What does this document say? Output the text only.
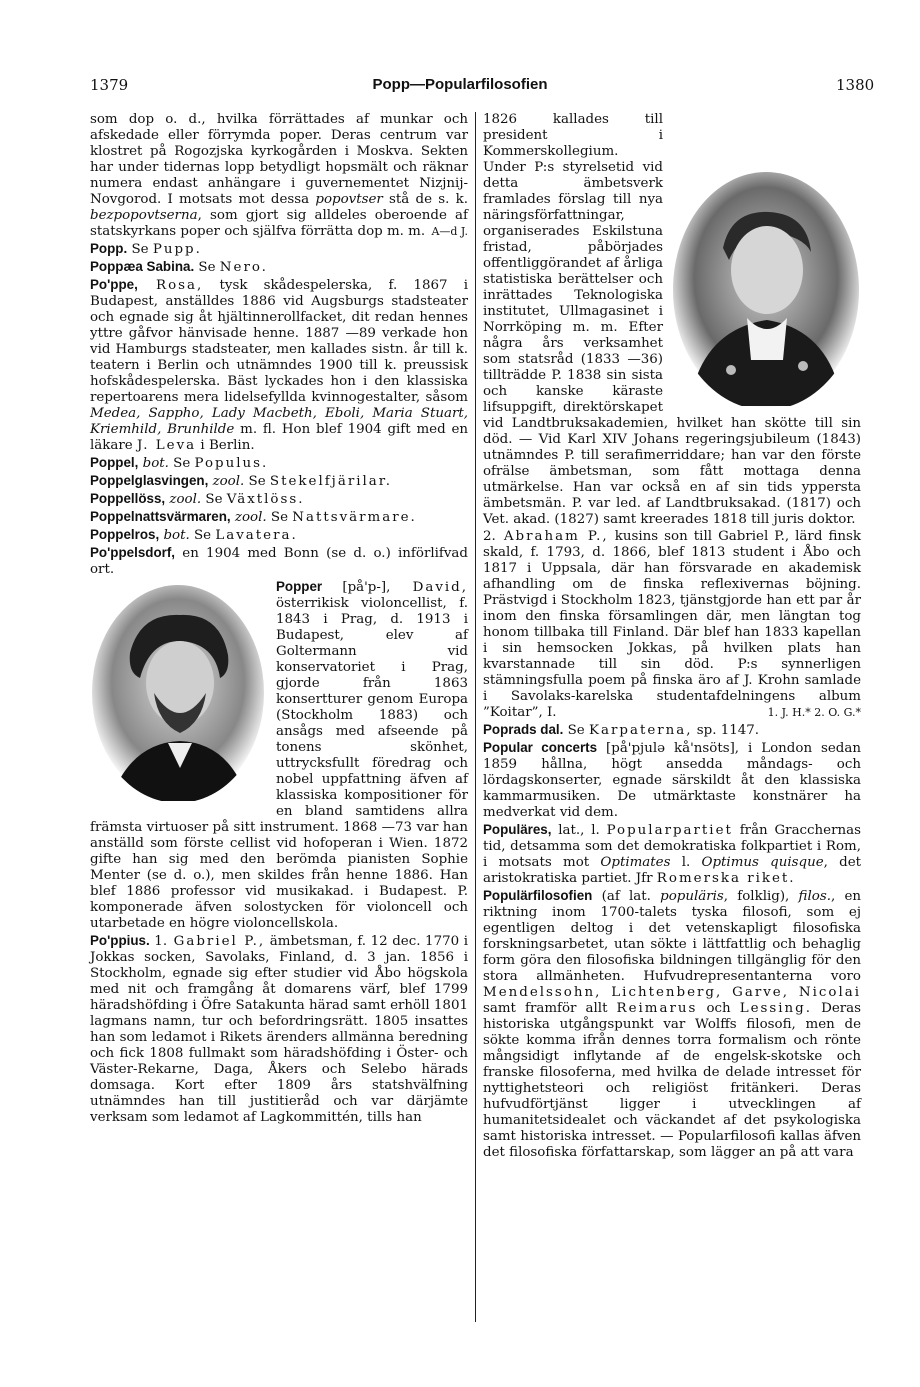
1379	Popp—Popularfilosofien	1380

som dop o. d., hvilka förrättades af munkar och afskedade eller förrymda poper. Deras centrum var klostret på Rogozjska kyrkogården i Moskva. Sekten har under tidernas lopp betydligt hopsmält och räknar numera endast anhängare i guvernementet Nizjnij-Novgorod. I motsats mot dessa popovtser stå de s. k. bezpopovtserna, som gjort sig alldeles oberoende af statskyrkans poper och själfva förrätta dop m. m. A—d J.

Popp. Se Pupp.

Poppæa Sabina. Se Nero.

Po'ppe, Rosa, tysk skådespelerska, f. 1867 i Budapest, anställdes 1886 vid Augsburgs stadsteater och egnade sig åt hjältinnerollfacket, dit redan hennes yttre gåfvor hänvisade henne. 1887 —89 verkade hon vid Hamburgs stadsteater, men kallades sistn. år till k. teatern i Berlin och utnämndes 1900 till k. preussisk hofskådespelerska. Bäst lyckades hon i den klassiska repertoarens mera lidelsefyllda kvinnogestalter, såsom Medea, Sappho, Lady Macbeth, Eboli, Maria Stuart, Kriemhild, Brunhilde m. fl. Hon blef 1904 gift med en läkare J. Leva i Berlin.

Poppel, bot. Se Populus.

Poppelglasvingen, zool. Se Stekelfjärilar.

Poppellöss, zool. Se Växtlöss.

Poppelnattsvärmaren, zool. Se Nattsvärmare.

Poppelros, bot. Se Lavatera.

Po'ppelsdorf, en 1904 med Bonn (se d. o.) införlifvad ort.

Popper [på'p-], David, österrikisk violoncellist, f. 1843 i Prag, d. 1913 i Budapest, elev af Goltermann vid konservatoriet i Prag, gjorde från 1863 konsertturer genom Europa (Stockholm 1883) och ansågs med afseende på tonens skönhet, uttrycksfullt föredrag och nobel uppfattning äfven af klassiska kompositioner för en bland samtidens allra främsta virtuoser på sitt instrument. 1868 —73 var han anställd som förste cellist vid hofoperan i Wien. 1872 gifte han sig med den berömda pianisten Sophie Menter (se d. o.), men skildes från henne 1886. Han blef 1886 professor vid musikakad. i Budapest. P. komponerade äfven solostycken för violoncell och utarbetade en högre violoncellskola.

Po'ppius. 1. Gabriel P., ämbetsman, f. 12 dec. 1770 i Jokkas socken, Savolaks, Finland, d. 3 jan. 1856 i Stockholm, egnade sig efter studier vid Åbo högskola med nit och framgång åt domarens värf, blef 1799 häradshöfding i Öfre Satakunta härad samt erhöll 1801 lagmans namn, tur och befordringsrätt. 1805 insattes han som ledamot i Rikets ärenders allmänna beredning och fick 1808 fullmakt som häradshöfding i Öster- och Väster-Rekarne, Daga, Åkers och Selebo härads domsaga. Kort efter 1809 års statshvälfning utnämndes han till justitieråd och var därjämte verksam som ledamot af Lagkommittén, tills han

1826 kallades till president i Kommerskollegium. Under P:s styrelsetid vid detta ämbetsverk framlades förslag till nya näringsförfattningar, organiserades Eskilstuna fristad, påbörjades offentliggörandet af årliga statistiska berättelser och inrättades Teknologiska institutet, Ullmagasinet i Norrköping m. m. Efter några års verksamhet som statsråd (1833 —36) tillträdde P. 1838 sin sista och kanske kärastе lifsuppgift, direktörskapet vid Landtbruksakademien, hvilket han skötte till sin död. — Vid Karl XIV Johans regeringsjubileum (1843) utnämndes P. till serafimerriddare; han var den förste ofrälse ämbetsman, som fått mottaga denna utmärkelse. Han var också en af sin tids yppersta ämbetsmän. P. var led. af Landtbruksakad. (1817) och Vet. akad. (1827) samt kreerades 1818 till juris doktor.

2. Abraham P., kusins son till Gabriel P., lärd finsk skald, f. 1793, d. 1866, blef 1813 student i Åbo och 1817 i Uppsala, där han försvarade en akademisk afhandling om de finska reflexivernas böjning. Prästvigd i Stockholm 1823, tjänstgjorde han ett par år inom den finska församlingen där, men längtan tog honom tillbaka till Finland. Där blef han 1833 kapellan i sin hemsocken Jokkas, på hvilken plats han kvarstannade till sin död. P:s synnerligen stämningsfulla poem på finska äro af J. Krohn samlade i Savolaks-karelska studentafdelningens album ”Koitar”, I.	1. J. H.* 2. O. G.*

Poprads dal. Se Karpaterna, sp. 1147.

Popular concerts [på'pjulə kå'nsöts], i London sedan 1859 hållna, högt ansedda måndags- och lördagskonserter, egnade särskildt åt den klassiska kammarmusiken. De utmärktaste konstnärer ha medverkat vid dem.

Populäres, lat., l. Popularpartiet från Gracchernas tid, detsamma som det demokratiska folkpartiet i Rom, i motsats mot Optimates l. Optimus quisque, det aristokratiska partiet. Jfr Romerska riket.

Populärfilosofien (af lat. populäris, folklig), filos., en riktning inom 1700-talets tyska filosofi, som ej egentligen deltog i det vetenskapligt filosofiska forskningsarbetet, utan sökte i lättfattlig och behaglig form göra den filosofiska bildningen tillgänglig för den stora allmänheten. Hufvudrepresentanterna voro Mendelssohn, Lichtenberg, Garve, Nicolai samt framför allt Reimarus och Lessing. Deras historiska utgångspunkt var Wolffs filosofi, men de sökte komma ifrån dennes torra formalism och rönte mångsidigt inflytande af de engelsk-skotske och franske filosoferna, med hvilka de delade intresset för nyttighetsteori och religiöst fritänkeri. Deras hufvudförtjänst ligger i utvecklingen af humanitetsidealet och väckandet af det psykologiska samt historiska intresset. — Popularfilosofi kallas äfven det filosofiska författarskap, som lägger an på att vara
